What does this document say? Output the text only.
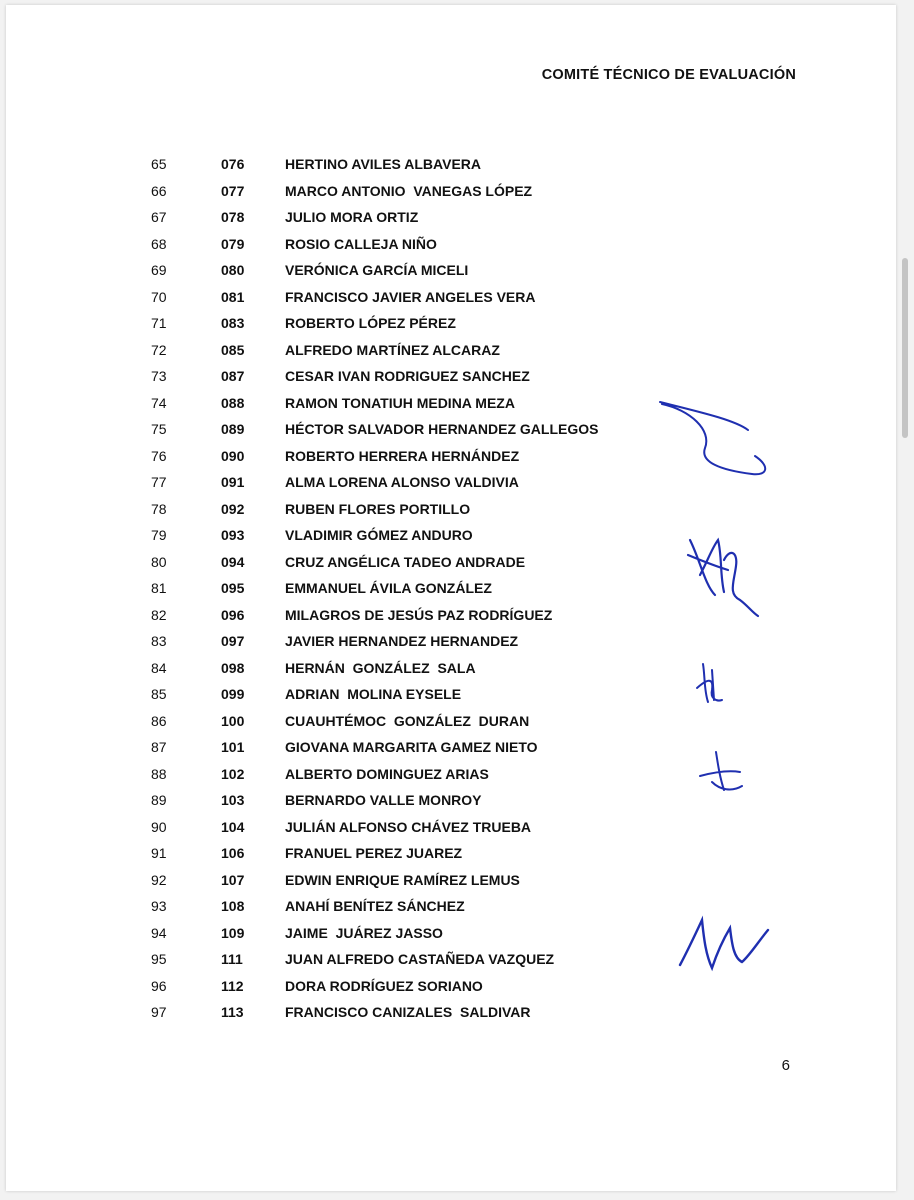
COMITÉ TÉCNICO DE EVALUACIÓN
65	076	HERTINO AVILES ALBAVERA
66	077	MARCO ANTONIO  VANEGAS LÓPEZ
67	078	JULIO MORA ORTIZ
68	079	ROSIO CALLEJA NIÑO
69	080	VERÓNICA GARCÍA MICELI
70	081	FRANCISCO JAVIER ANGELES VERA
71	083	ROBERTO LÓPEZ PÉREZ
72	085	ALFREDO MARTÍNEZ ALCARAZ
73	087	CESAR IVAN RODRIGUEZ SANCHEZ
74	088	RAMON TONATIUH MEDINA MEZA
75	089	HÉCTOR SALVADOR HERNANDEZ GALLEGOS
76	090	ROBERTO HERRERA HERNÁNDEZ
77	091	ALMA LORENA ALONSO VALDIVIA
78	092	RUBEN FLORES PORTILLO
79	093	VLADIMIR GÓMEZ ANDURO
80	094	CRUZ ANGÉLICA TADEO ANDRADE
81	095	EMMANUEL ÁVILA GONZÁLEZ
82	096	MILAGROS DE JESÚS PAZ RODRÍGUEZ
83	097	JAVIER HERNANDEZ HERNANDEZ
84	098	HERNÁN  GONZÁLEZ  SALA
85	099	ADRIAN  MOLINA EYSELE
86	100	CUAUHTÉMOC  GONZÁLEZ  DURAN
87	101	GIOVANA MARGARITA GAMEZ NIETO
88	102	ALBERTO DOMINGUEZ ARIAS
89	103	BERNARDO VALLE MONROY
90	104	JULIÁN ALFONSO CHÁVEZ TRUEBA
91	106	FRANUEL PEREZ JUAREZ
92	107	EDWIN ENRIQUE RAMÍREZ LEMUS
93	108	ANAHÍ BENÍTEZ SÁNCHEZ
94	109	JAIME  JUÁREZ JASSO
95	111	JUAN ALFREDO CASTAÑEDA VAZQUEZ
96	112	DORA RODRÍGUEZ SORIANO
97	113	FRANCISCO CANIZALES  SALDIVAR
6
